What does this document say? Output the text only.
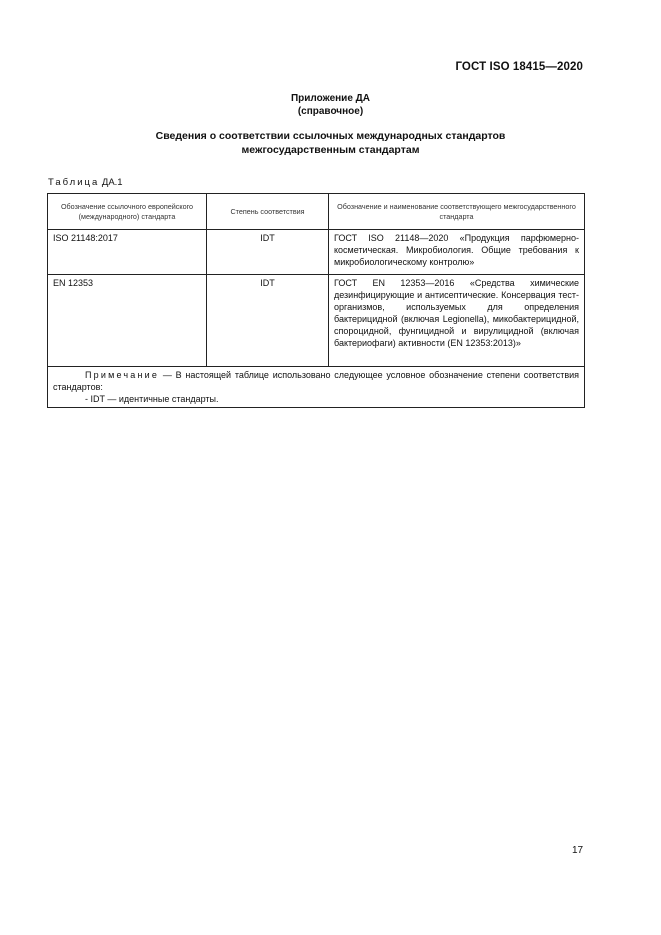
ГОСТ ISO 18415—2020
Приложение ДА
(справочное)
Сведения о соответствии ссылочных международных стандартов
межгосударственным стандартам
Таблица ДА.1
Обозначение ссылочного европейского (международного) стандарта	Степень соответствия	Обозначение и наименование соответствующего межгосударственного стандарта
ISO 21148:2017	IDT	ГОСТ ISO 21148—2020 «Продукция парфюмерно-косметическая. Микробиология. Общие требования к микробиологическому контролю»
EN 12353	IDT	ГОСТ EN 12353—2016 «Средства химические дезинфицирующие и антисептические. Консервация тест-организмов, используемых для определения бактерицидной (включая Legionella), микобактерицидной, спороцидной, фунгицидной и вирулицидной (включая бактериофаги) активности (EN 12353:2013)»
Примечание — В настоящей таблице использовано следующее условное обозначение степени соответствия стандартов:
- IDT — идентичные стандарты.		
17
